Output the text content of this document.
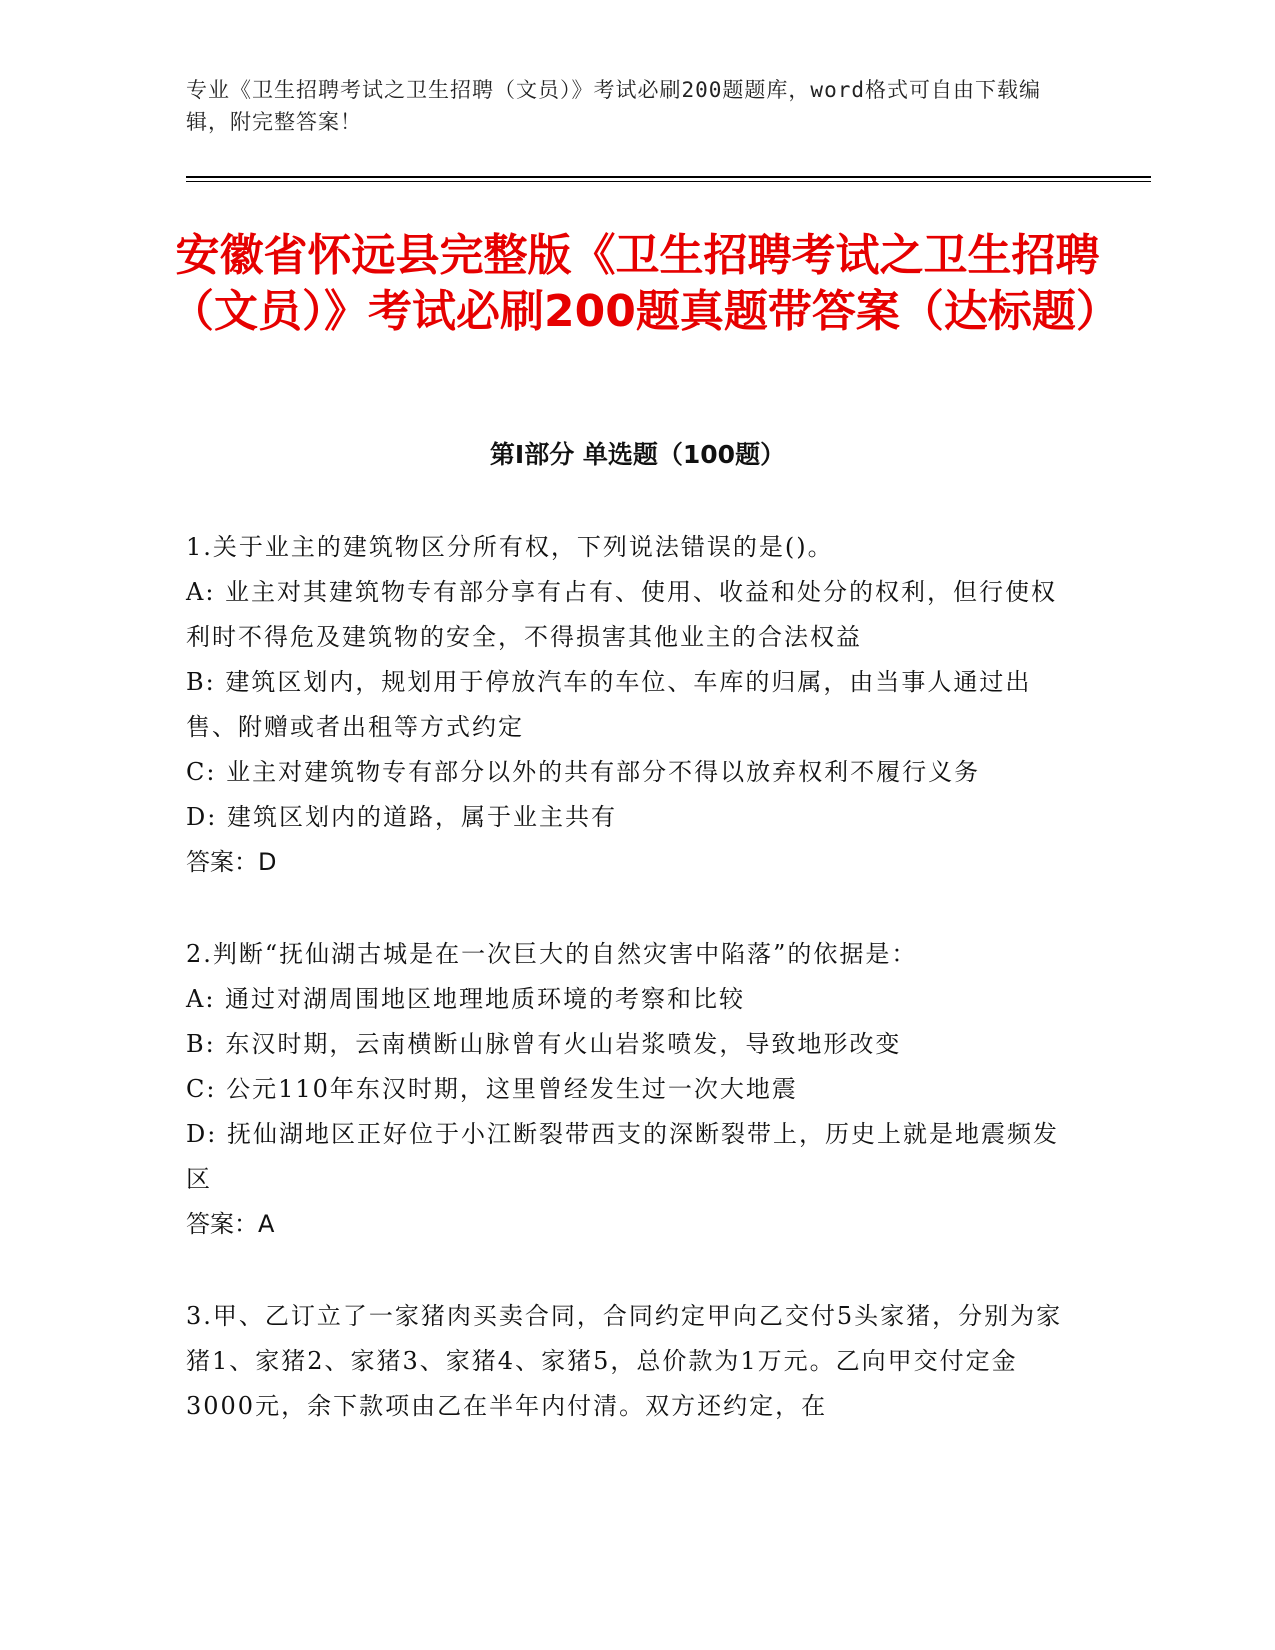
专业《卫生招聘考试之卫生招聘（文员）》考试必刷200题题库，word格式可自由下载编辑，附完整答案！
安徽省怀远县完整版《卫生招聘考试之卫生招聘（文员）》考试必刷200题真题带答案（达标题）
第I部分 单选题（100题）

1.关于业主的建筑物区分所有权，下列说法错误的是()。

A: 业主对其建筑物专有部分享有占有、使用、收益和处分的权利，但行使权利时不得危及建筑物的安全，不得损害其他业主的合法权益

B: 建筑区划内，规划用于停放汽车的车位、车库的归属，由当事人通过出售、附赠或者出租等方式约定

C: 业主对建筑物专有部分以外的共有部分不得以放弃权利不履行义务

D: 建筑区划内的道路，属于业主共有

答案：D

2.判断“抚仙湖古城是在一次巨大的自然灾害中陷落”的依据是：

A: 通过对湖周围地区地理地质环境的考察和比较

B: 东汉时期，云南横断山脉曾有火山岩浆喷发，导致地形改变

C: 公元110年东汉时期，这里曾经发生过一次大地震

D: 抚仙湖地区正好位于小江断裂带西支的深断裂带上，历史上就是地震频发区

答案：A

3.甲、乙订立了一家猪肉买卖合同，合同约定甲向乙交付5头家猪，分别为家猪1、家猪2、家猪3、家猪4、家猪5，总价款为1万元。乙向甲交付定金3000元，余下款项由乙在半年内付清。双方还约定，在
